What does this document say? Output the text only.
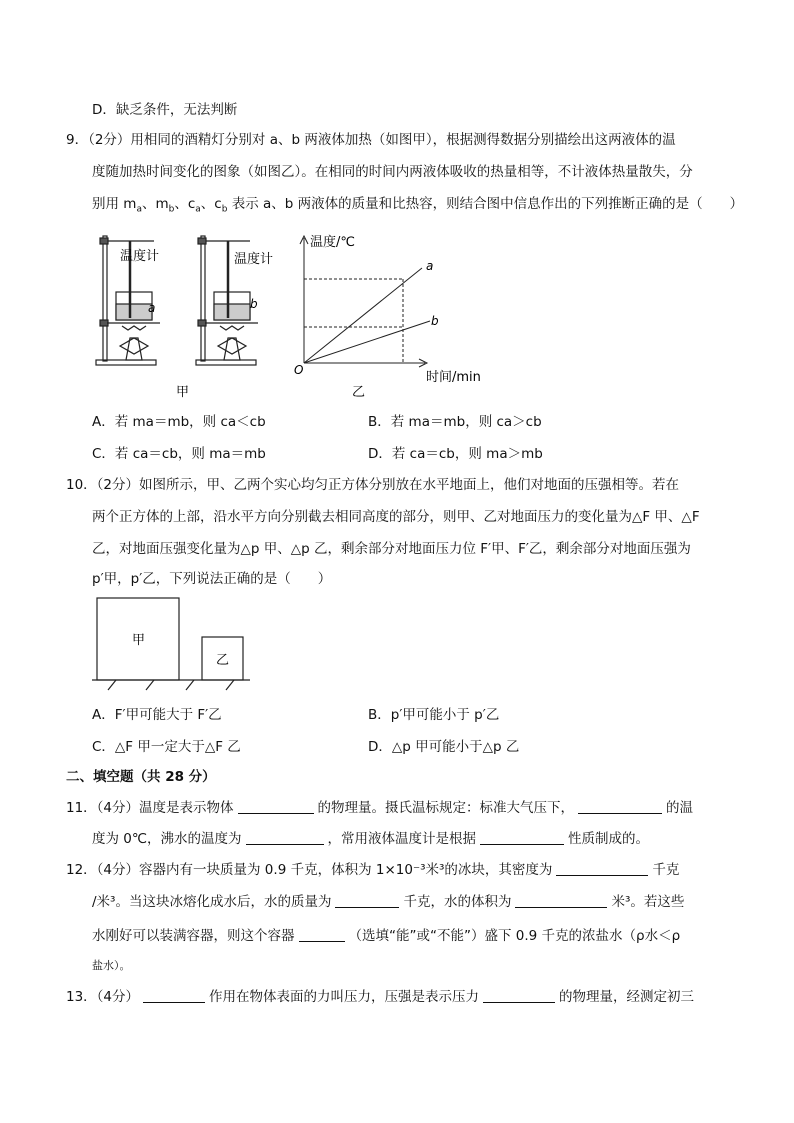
D．缺乏条件，无法判断
9．（2分）用相同的酒精灯分别对 a、b 两液体加热（如图甲），根据测得数据分别描绘出这两液体的温
度随加热时间变化的图象（如图乙）。在相同的时间内两液体吸收的热量相等，不计液体热量散失，分
别用 $m_a$、$m_b$、$c_a$、$c_b$ 表示 a、b 两液体的质量和比热容，则结合图中信息作出的下列推断正确的是（　　）
温度计
a
温度计
b
甲
温度/℃
时间/min
O
a
b
乙
A．若 ma＝mb，则 ca＜cb	B．若 ma＝mb，则 ca＞cb
C．若 ca＝cb，则 ma＝mb	D．若 ca＝cb，则 ma＞mb
10．（2分）如图所示，甲、乙两个实心均匀正方体分别放在水平地面上，他们对地面的压强相等。若在
两个正方体的上部，沿水平方向分别截去相同高度的部分，则甲、乙对地面压力的变化量为△F 甲、△F
乙，对地面压强变化量为△p 甲、△p 乙，剩余部分对地面压力位 F′甲、F′乙，剩余部分对地面压强为
p′甲，p′乙，下列说法正确的是（　　）
甲
乙
A．F′甲可能大于 F′乙	B．p′甲可能小于 p′乙
C．△F 甲一定大于△F 乙	D．△p 甲可能小于△p 乙
二、填空题（共 28 分）
11．（4分）温度是表示物体	的物理量。摄氏温标规定：标准大气压下，	的温
度为 0℃，沸水的温度为	，常用液体温度计是根据	性质制成的。
12．（4分）容器内有一块质量为 0.9 千克，体积为 1×10⁻³米³的冰块，其密度为	千克
/米³。当这块冰熔化成水后，水的质量为	千克，水的体积为	米³。若这些
水刚好可以装满容器，则这个容器	（选填“能”或“不能”）盛下 0.9 千克的浓盐水（ρ水＜ρ
盐水）。
13．（4分）	作用在物体表面的力叫压力，压强是表示压力	的物理量，经测定初三
